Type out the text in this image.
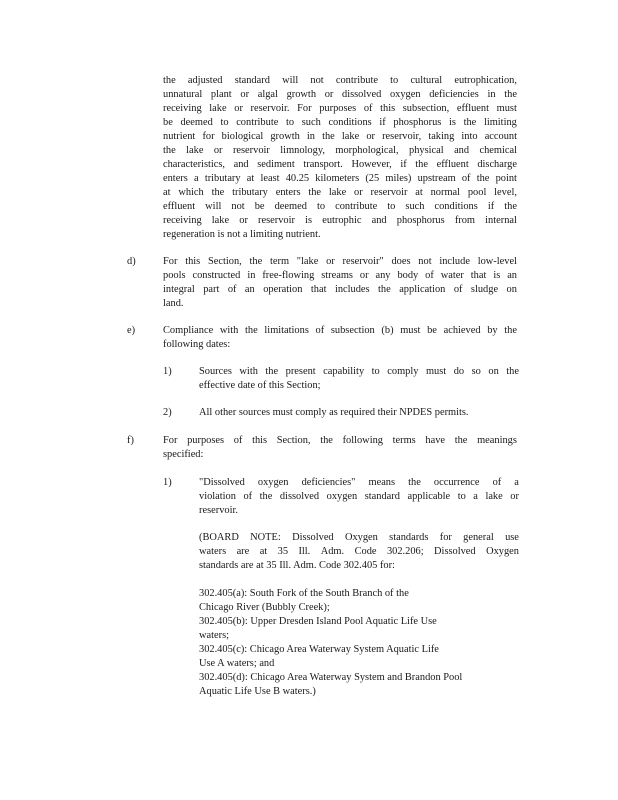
the adjusted standard will not contribute to cultural eutrophication,
unnatural plant or algal growth or dissolved oxygen deficiencies in the
receiving lake or reservoir. For purposes of this subsection, effluent must
be deemed to contribute to such conditions if phosphorus is the limiting
nutrient for biological growth in the lake or reservoir, taking into account
the lake or reservoir limnology, morphological, physical and chemical
characteristics, and sediment transport. However, if the effluent discharge
enters a tributary at least 40.25 kilometers (25 miles) upstream of the point
at which the tributary enters the lake or reservoir at normal pool level,
effluent will not be deemed to contribute to such conditions if the
receiving lake or reservoir is eutrophic and phosphorus from internal
regeneration is not a limiting nutrient.
d)	For this Section, the term "lake or reservoir" does not include low-level
pools constructed in free-flowing streams or any body of water that is an
integral part of an operation that includes the application of sludge on
land.
e)	Compliance with the limitations of subsection (b) must be achieved by the
following dates:
1)	Sources with the present capability to comply must do so on the
effective date of this Section;
2)	All other sources must comply as required their NPDES permits.
f)	For purposes of this Section, the following terms have the meanings
specified:
1)	"Dissolved oxygen deficiencies" means the occurrence of a
violation of the dissolved oxygen standard applicable to a lake or
reservoir.
(BOARD NOTE: Dissolved Oxygen standards for general use
waters are at 35 Ill. Adm. Code 302.206; Dissolved Oxygen
standards are at 35 Ill. Adm. Code 302.405 for:
302.405(a): South Fork of the South Branch of the
Chicago River (Bubbly Creek);
302.405(b): Upper Dresden Island Pool Aquatic Life Use
waters;
302.405(c): Chicago Area Waterway System Aquatic Life
Use A waters; and
302.405(d): Chicago Area Waterway System and Brandon Pool
Aquatic Life Use B waters.)
